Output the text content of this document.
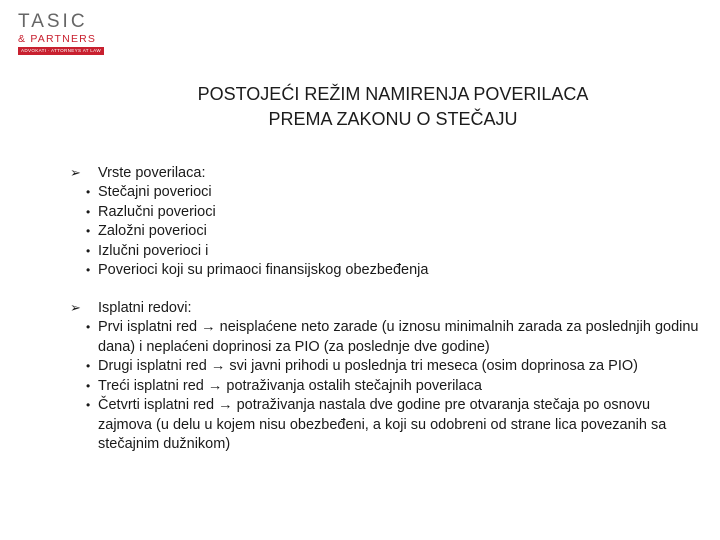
TASIC
& PARTNERS
ADVOKATI · ATTORNEYS AT LAW
POSTOJEĆI REŽIM NAMIRENJA POVERILACA
PREMA ZAKONU O STEČAJU
➢ Vrste poverilaca:
• Stečajni poverioci
• Razlučni poverioci
• Založni poverioci
• Izlučni poverioci i
• Poverioci koji su primaoci finansijskog obezbeđenja
➢ Isplatni redovi:
• Prvi isplatni red → neisplaćene neto zarade (u iznosu minimalnih zarada za poslednjih godinu dana) i neplaćeni doprinosi za PIO (za poslednje dve godine)
• Drugi isplatni red → svi javni prihodi u poslednja tri meseca (osim doprinosa za PIO)
• Treći isplatni red → potraživanja ostalih stečajnih poverilaca
• Četvrti isplatni red → potraživanja nastala dve godine pre otvaranja stečaja po osnovu zajmova (u delu u kojem nisu obezbeđeni, a koji su odobreni od strane lica povezanih sa stečajnim dužnikom)
